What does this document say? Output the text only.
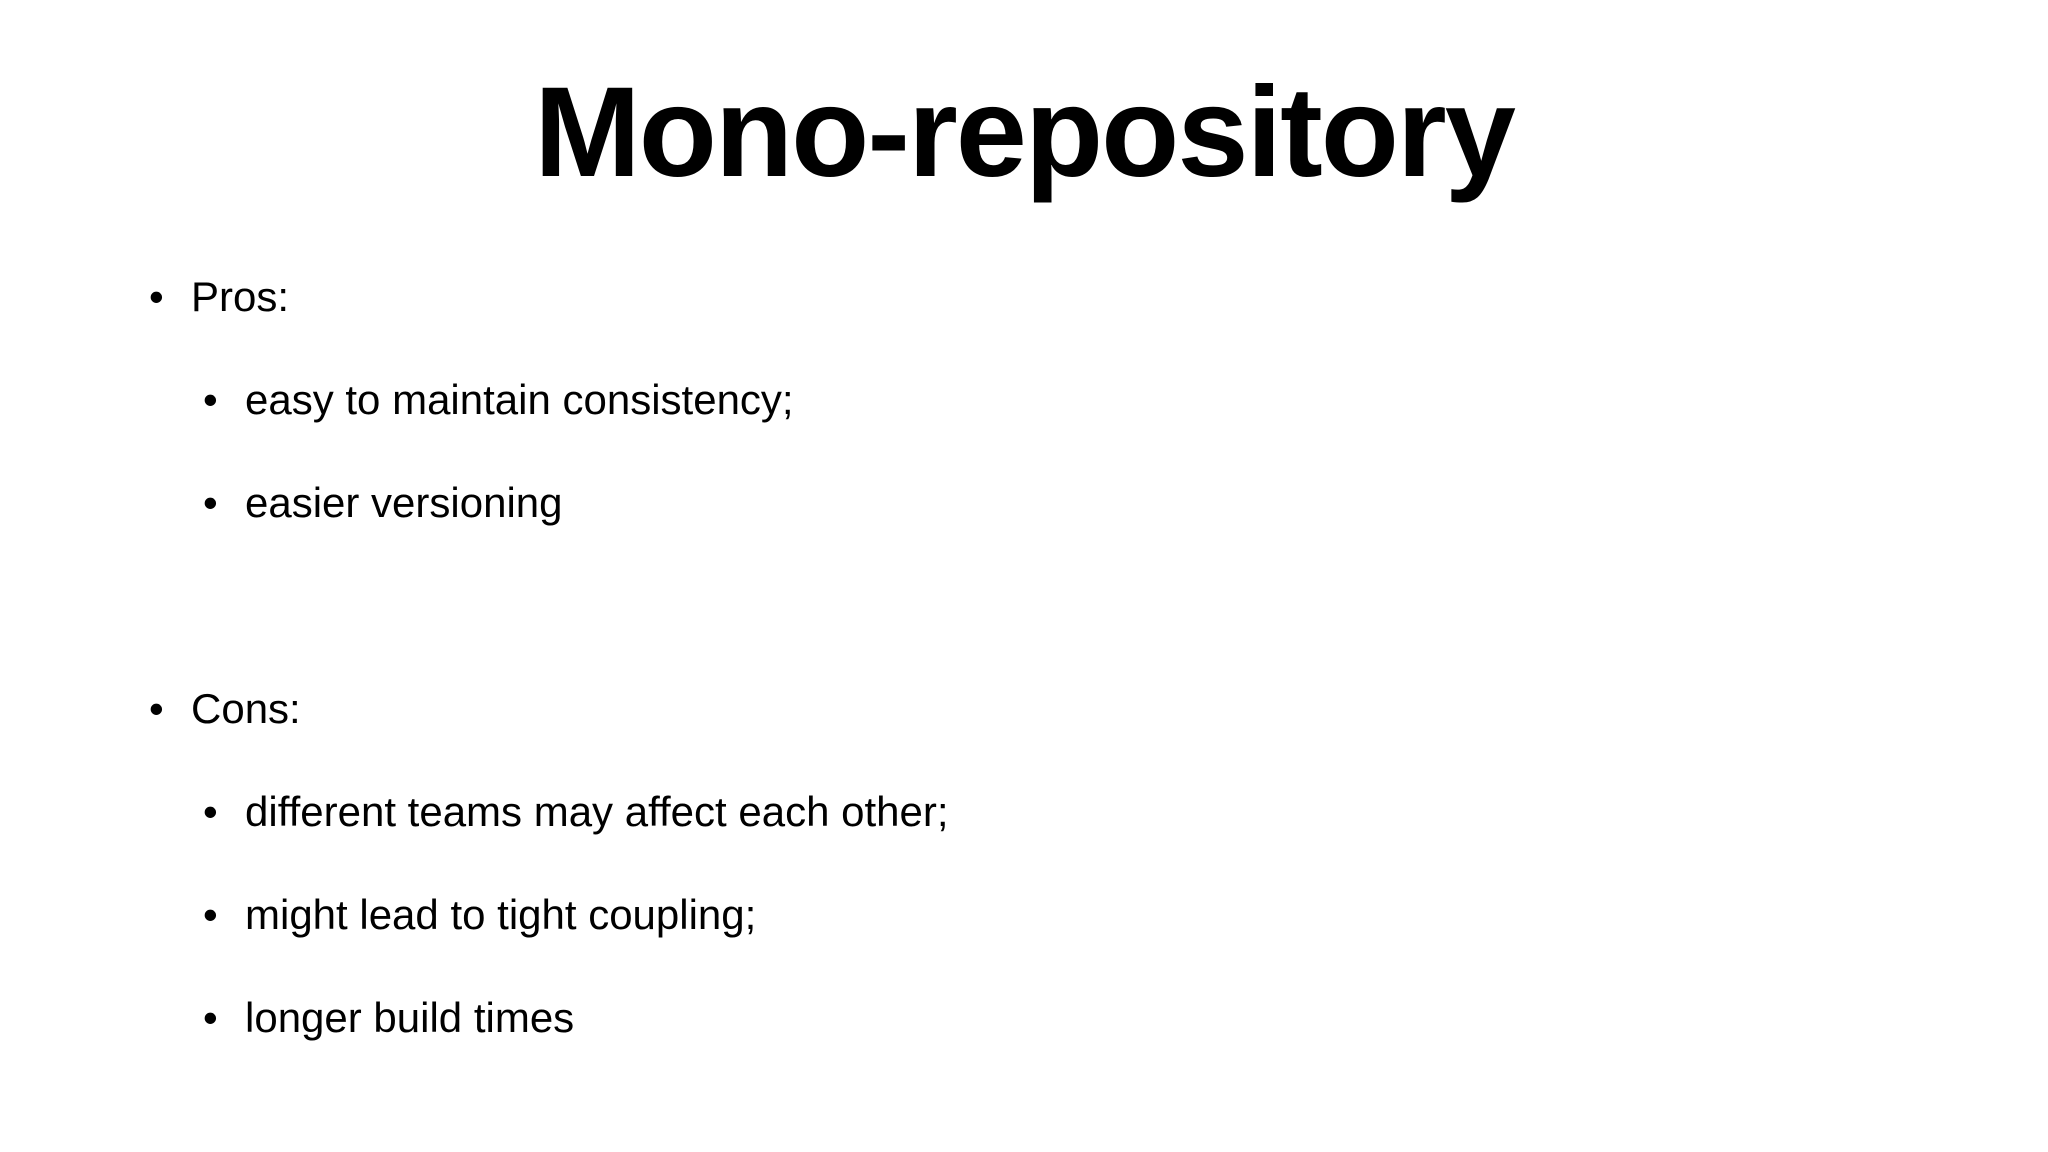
Mono-repository
• Pros:
• easy to maintain consistency;
• easier versioning
• Cons:
• different teams may affect each other;
• might lead to tight coupling;
• longer build times
